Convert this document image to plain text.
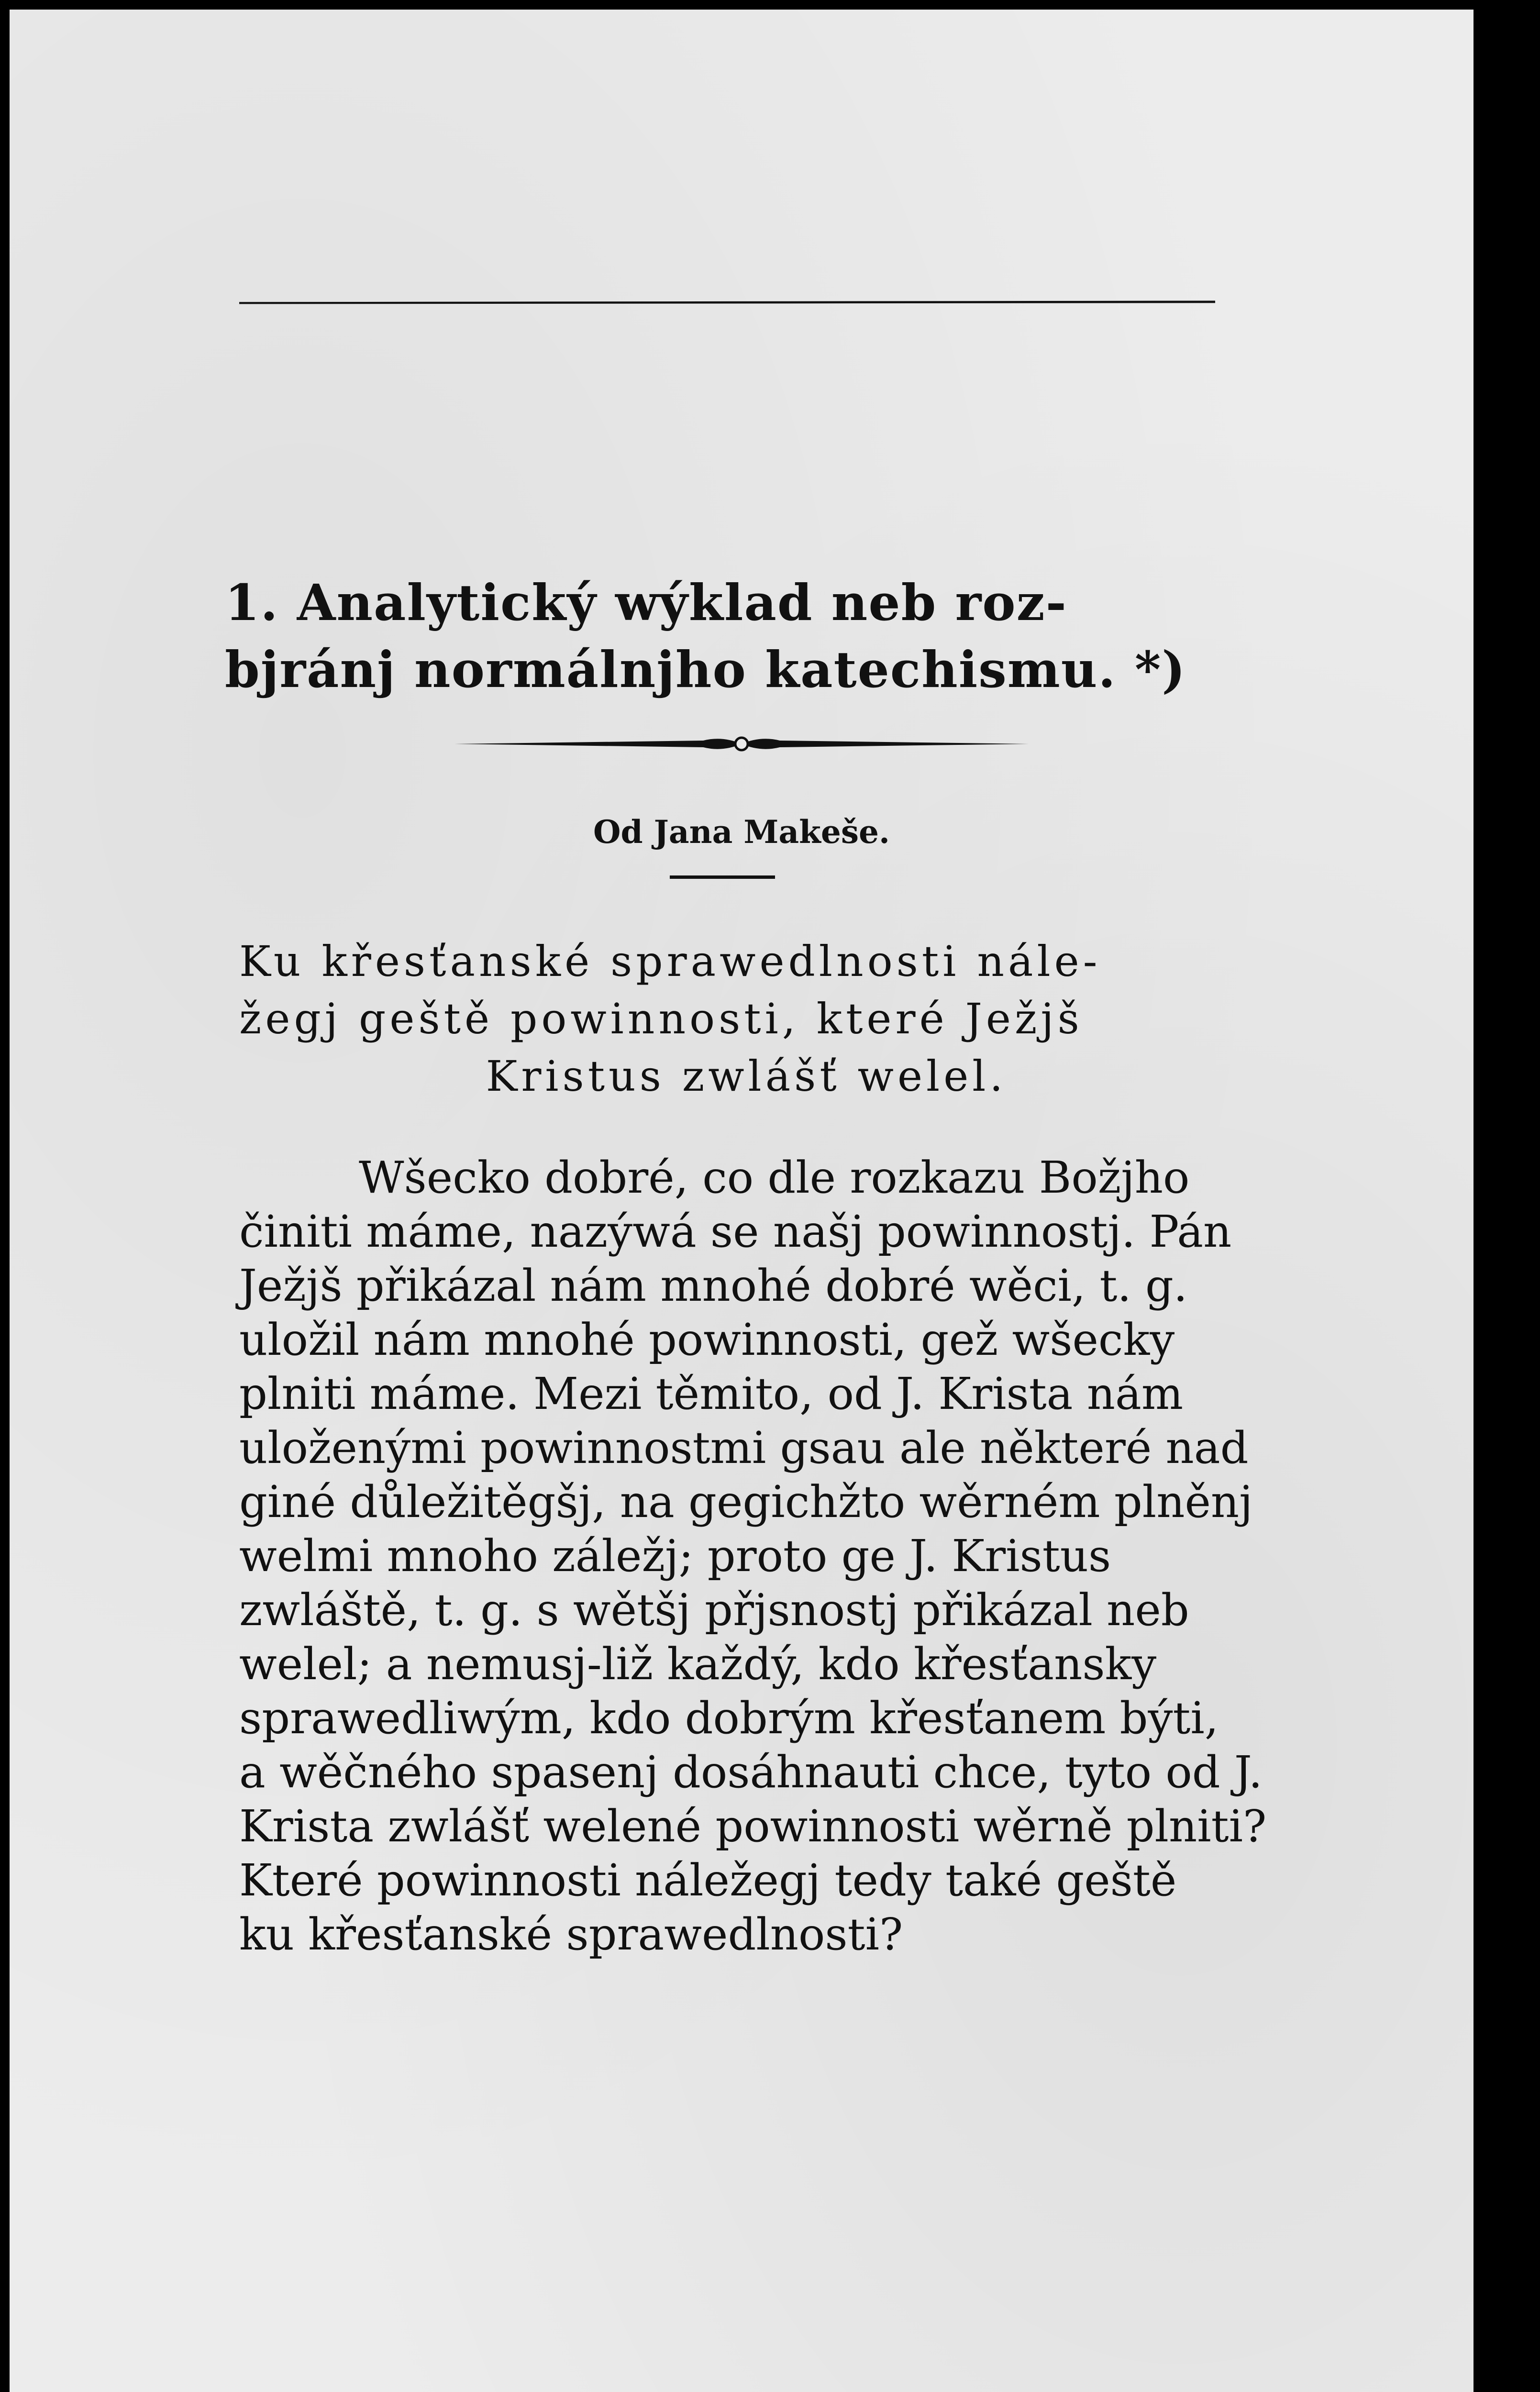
1. Analytický wýklad neb roz-
bjránj normálnjho katechismu. *)
Od Jana Makeše.
Ku křesťanské sprawedlnosti nále-
žegj geště powinnosti, které Ježjš
Kristus zwlášť welel.
Wšecko dobré, co dle rozkazu Božjho
činiti máme, nazýwá se našj powinnostj. Pán
Ježjš přikázal nám mnohé dobré wěci, t. g.
uložil nám mnohé powinnosti, gež wšecky
plniti máme. Mezi těmito, od J. Krista nám
uloženými powinnostmi gsau ale některé nad
giné důležitěgšj, na gegichžto wěrném plněnj
welmi mnoho záležj; proto ge J. Kristus
zwláště, t. g. s wětšj přjsnostj přikázal neb
welel; a nemusj-liž každý, kdo křesťansky
sprawedliwým, kdo dobrým křesťanem býti,
a wěčného spasenj dosáhnauti chce, tyto od J.
Krista zwlášť welené powinnosti wěrně plniti?
Které powinnosti náležegj tedy také geště
ku křesťanské sprawedlnosti?
